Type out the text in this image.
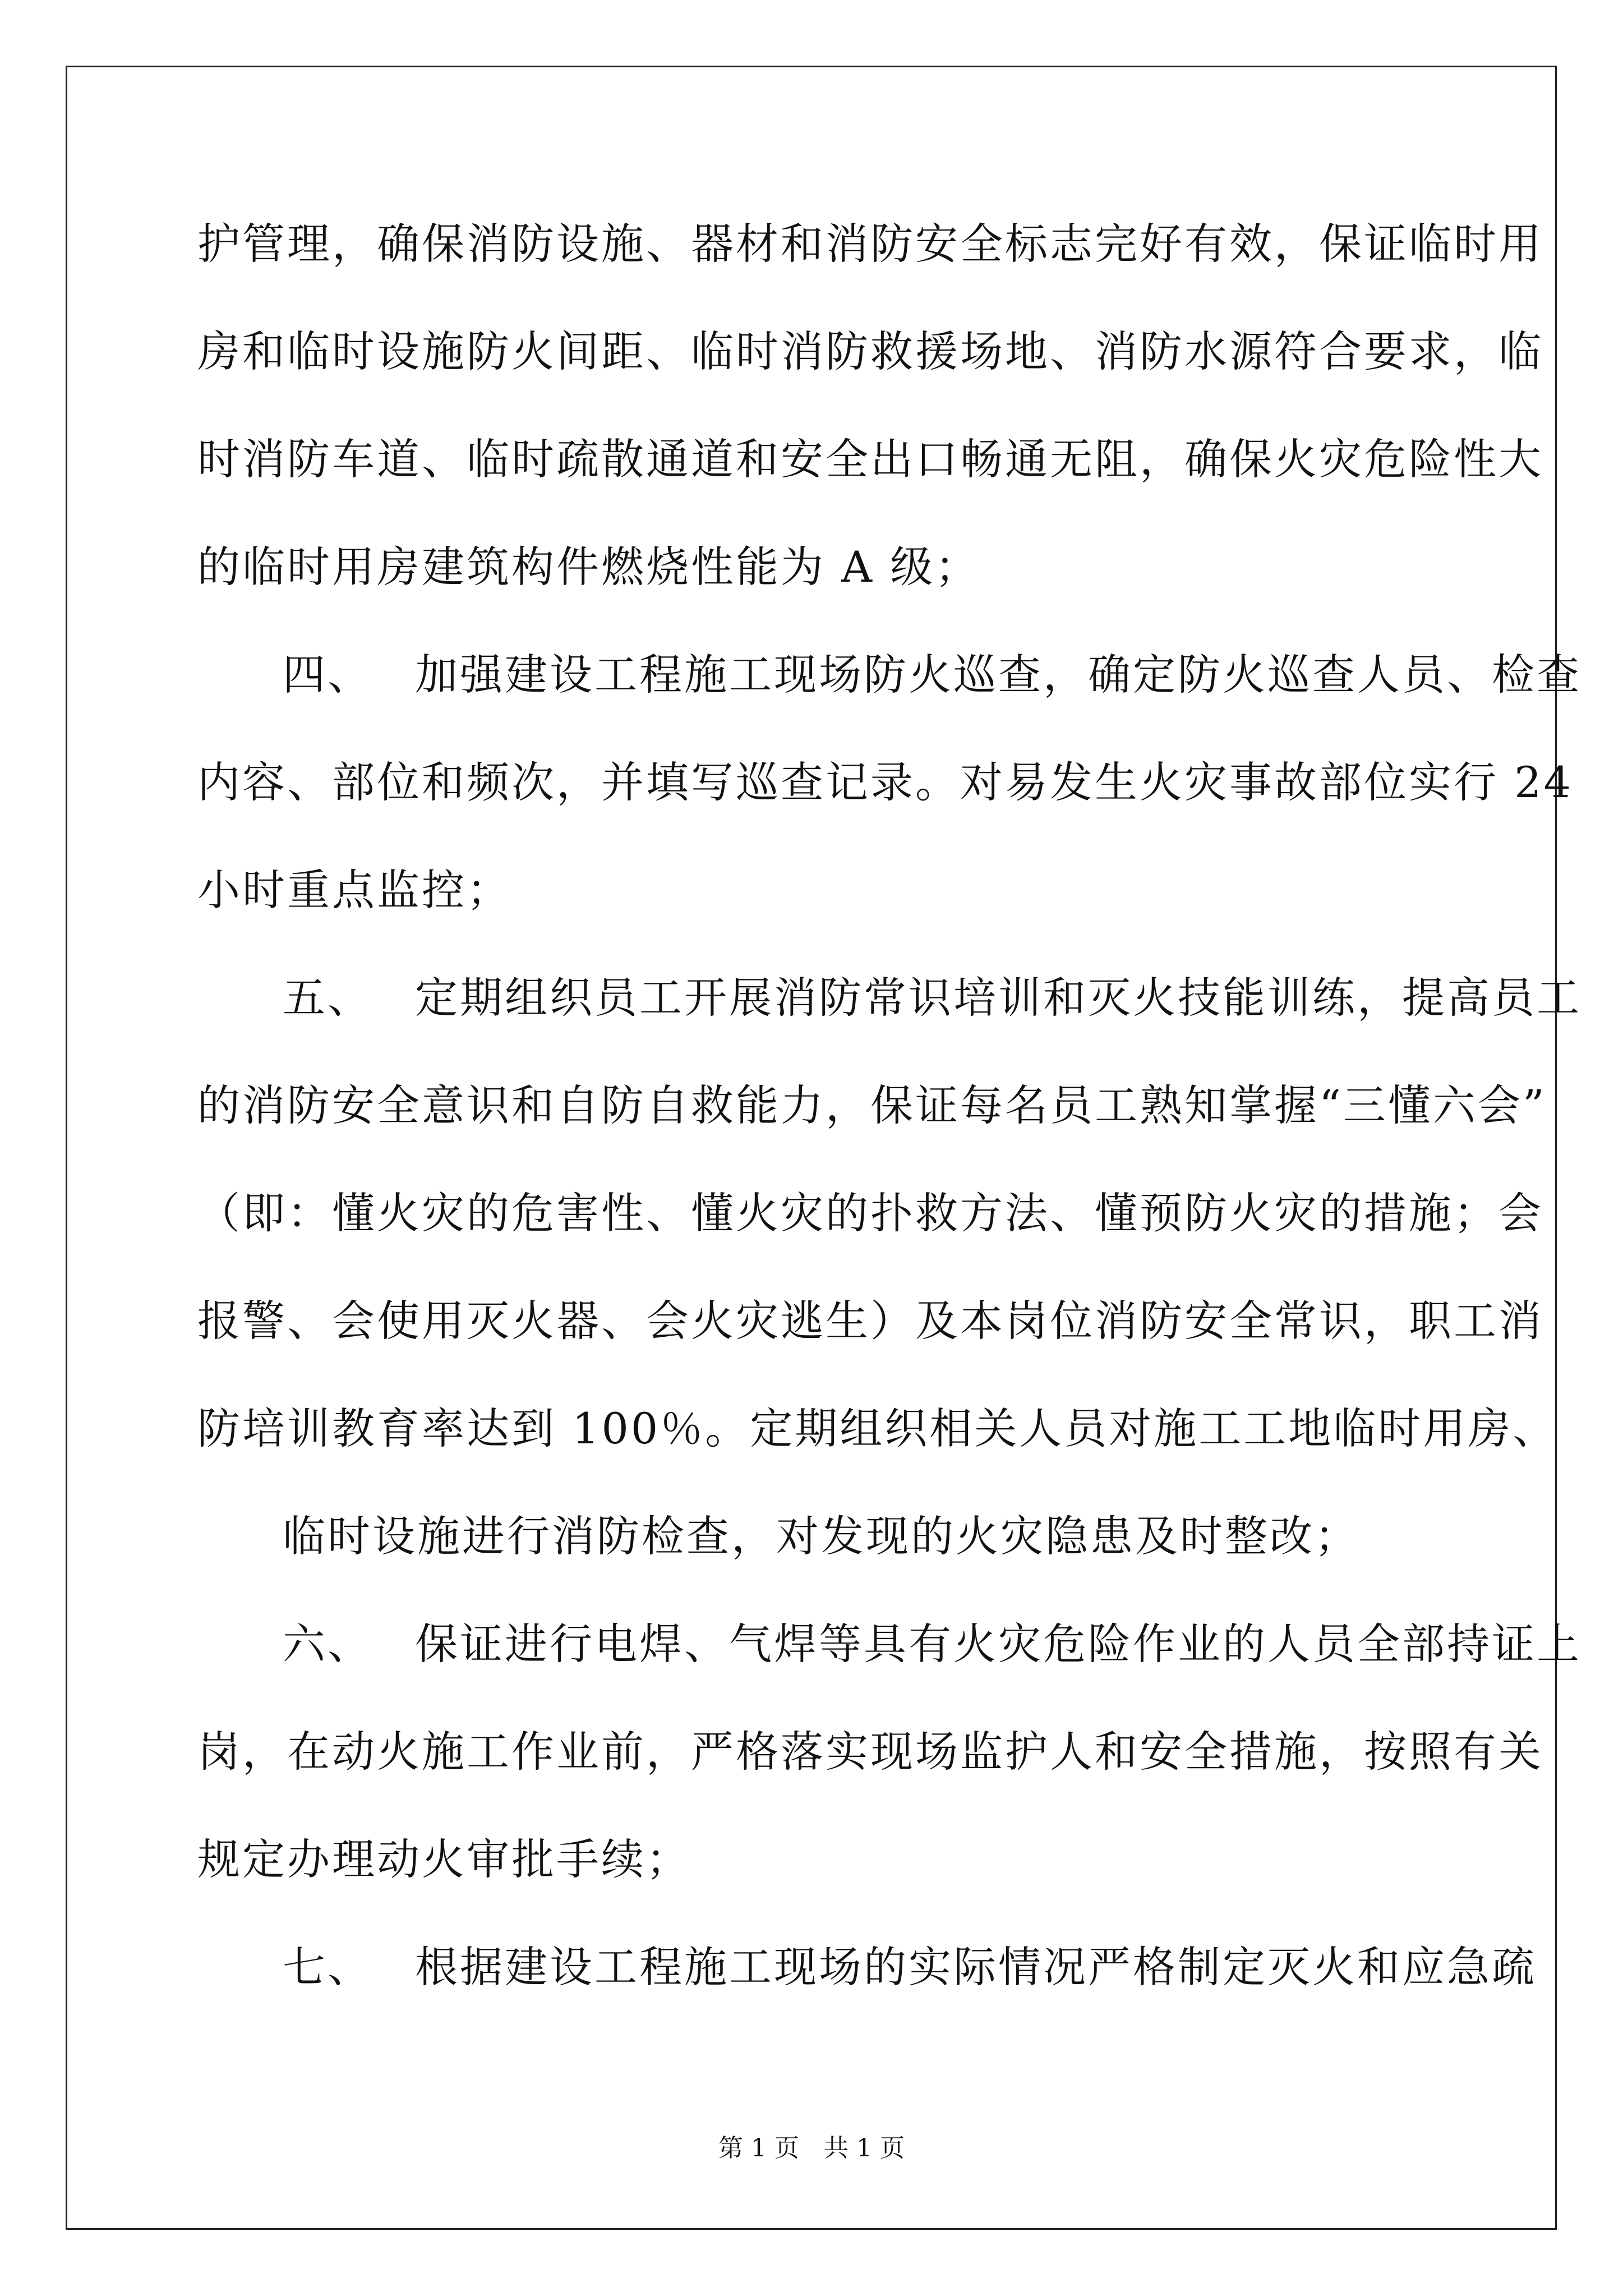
护管理，确保消防设施、器材和消防安全标志完好有效，保证临时用
房和临时设施防火间距、临时消防救援场地、消防水源符合要求，临
时消防车道、临时疏散通道和安全出口畅通无阻，确保火灾危险性大
的临时用房建筑构件燃烧性能为 A 级；
四、 加强建设工程施工现场防火巡查，确定防火巡查人员、检查
内容、部位和频次，并填写巡查记录。对易发生火灾事故部位实行 24
小时重点监控；
五、 定期组织员工开展消防常识培训和灭火技能训练，提高员工
的消防安全意识和自防自救能力，保证每名员工熟知掌握“三懂六会”
（即：懂火灾的危害性、懂火灾的扑救方法、懂预防火灾的措施；会
报警、会使用灭火器、会火灾逃生）及本岗位消防安全常识，职工消
防培训教育率达到 100％。定期组织相关人员对施工工地临时用房、
临时设施进行消防检查，对发现的火灾隐患及时整改；
六、 保证进行电焊、气焊等具有火灾危险作业的人员全部持证上
岗，在动火施工作业前，严格落实现场监护人和安全措施，按照有关
规定办理动火审批手续；
七、 根据建设工程施工现场的实际情况严格制定灭火和应急疏
第 1 页　共 1 页
